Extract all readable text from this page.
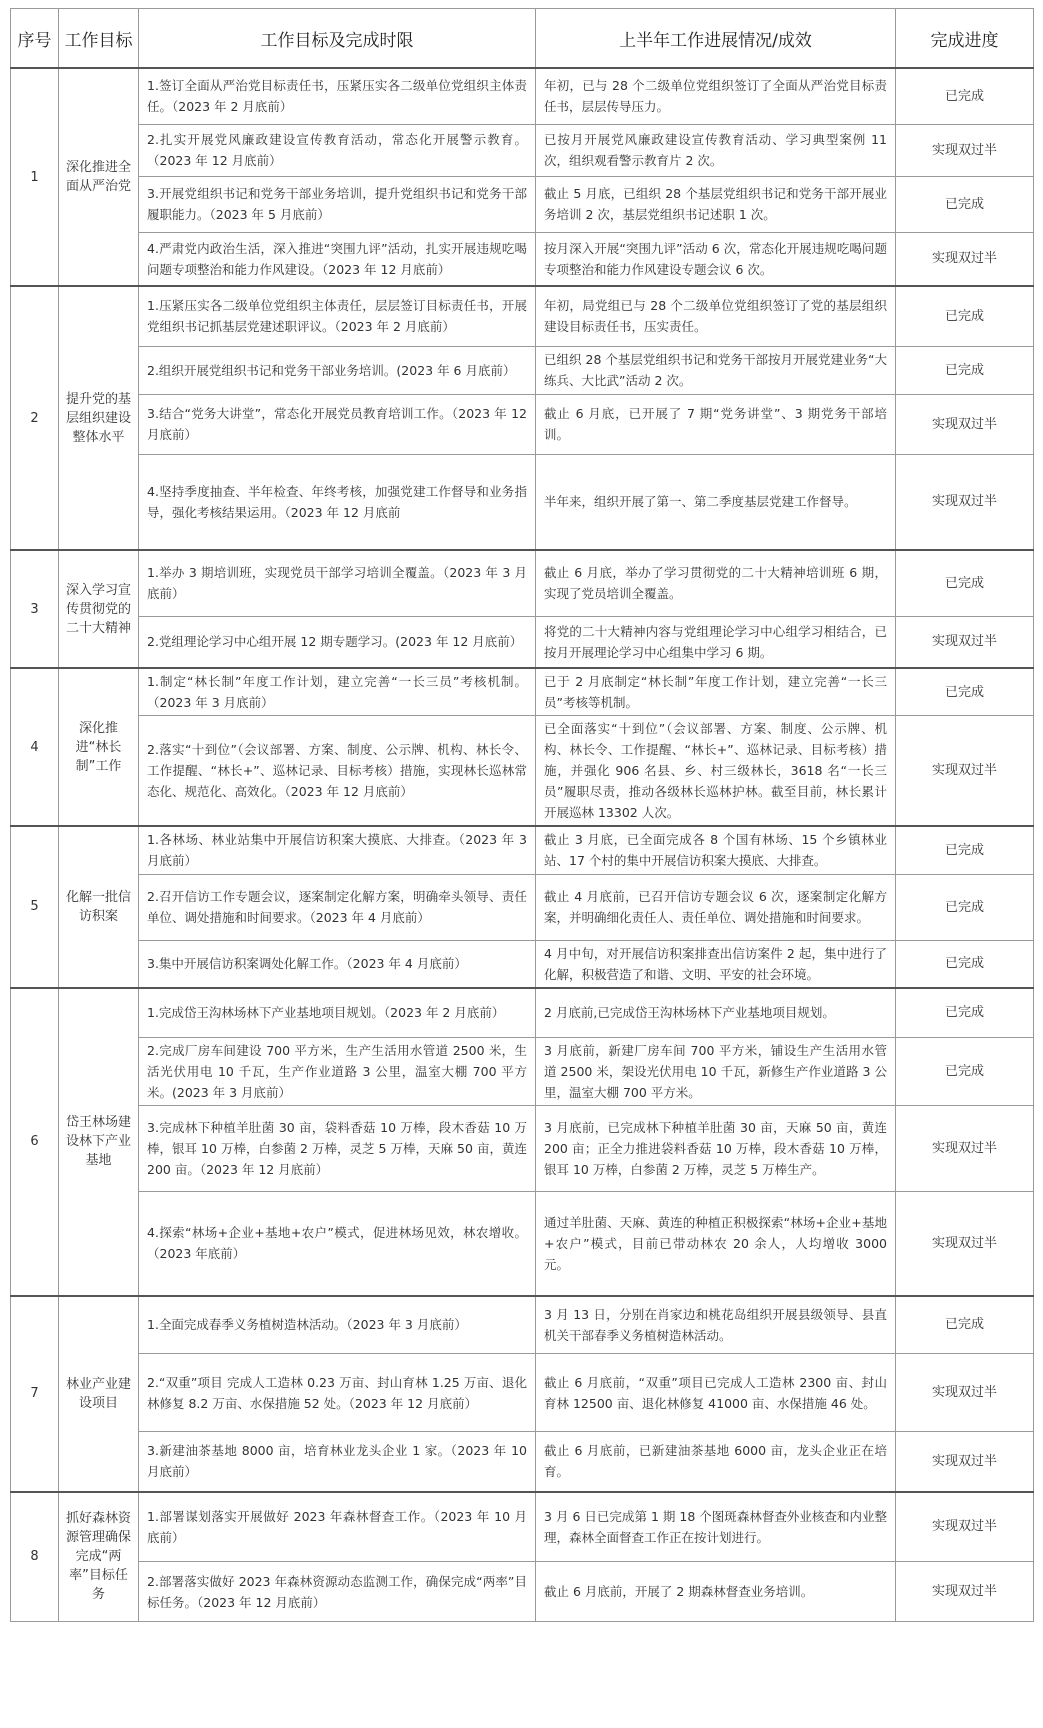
序号	工作目标	工作目标及完成时限	上半年工作进展情况/成效	完成进度
1	深化推进全面从严治党	1.签订全面从严治党目标责任书，压紧压实各二级单位党组织主体责任。（2023 年 2 月底前）	年初，已与 28 个二级单位党组织签订了全面从严治党目标责任书，层层传导压力。	已完成
		2.扎实开展党风廉政建设宣传教育活动，常态化开展警示教育。（2023 年 12 月底前）	已按月开展党风廉政建设宣传教育活动、学习典型案例 11 次，组织观看警示教育片 2 次。	实现双过半
		3.开展党组织书记和党务干部业务培训，提升党组织书记和党务干部履职能力。（2023 年 5 月底前）	截止 5 月底，已组织 28 个基层党组织书记和党务干部开展业务培训 2 次，基层党组织书记述职 1 次。	已完成
		4.严肃党内政治生活，深入推进“突围九评”活动，扎实开展违规吃喝问题专项整治和能力作风建设。（2023 年 12 月底前）	按月深入开展“突围九评”活动 6 次，常态化开展违规吃喝问题专项整治和能力作风建设专题会议 6 次。	实现双过半
2	提升党的基层组织建设整体水平	1.压紧压实各二级单位党组织主体责任，层层签订目标责任书，开展党组织书记抓基层党建述职评议。（2023 年 2 月底前）	年初，局党组已与 28 个二级单位党组织签订了党的基层组织建设目标责任书，压实责任。	已完成
		2.组织开展党组织书记和党务干部业务培训。(2023 年 6 月底前）	已组织 28 个基层党组织书记和党务干部按月开展党建业务“大练兵、大比武”活动 2 次。	已完成
		3.结合“党务大讲堂”，常态化开展党员教育培训工作。（2023 年 12 月底前）	截止 6 月底，已开展了 7 期“党务讲堂”、3 期党务干部培训。	实现双过半
		4.坚持季度抽查、半年检查、年终考核，加强党建工作督导和业务指导，强化考核结果运用。（2023 年 12 月底前	半年来，组织开展了第一、第二季度基层党建工作督导。	实现双过半
3	深入学习宣传贯彻党的二十大精神	1.举办 3 期培训班，实现党员干部学习培训全覆盖。（2023 年 3 月底前）	截止 6 月底，举办了学习贯彻党的二十大精神培训班 6 期，实现了党员培训全覆盖。	已完成
		2.党组理论学习中心组开展 12 期专题学习。(2023 年 12 月底前）	将党的二十大精神内容与党组理论学习中心组学习相结合，已按月开展理论学习中心组集中学习 6 期。	实现双过半
4	深化推进“林长制”工作	1.制定“林长制”年度工作计划，建立完善“一长三员”考核机制。（2023 年 3 月底前）	已于 2 月底制定“林长制”年度工作计划，建立完善“一长三员”考核等机制。	已完成
		2.落实“十到位”（会议部署、方案、制度、公示牌、机构、林长令、工作提醒、“林长+”、巡林记录、目标考核）措施，实现林长巡林常态化、规范化、高效化。（2023 年 12 月底前）	已全面落实“十到位”（会议部署、方案、制度、公示牌、机构、林长令、工作提醒、“林长+”、巡林记录、目标考核）措施，并强化 906 名县、乡、村三级林长，3618 名“一长三员”履职尽责，推动各级林长巡林护林。截至目前，林长累计开展巡林 13302 人次。	实现双过半
5	化解一批信访积案	1.各林场、林业站集中开展信访积案大摸底、大排查。（2023 年 3 月底前）	截止 3 月底，已全面完成各 8 个国有林场、15 个乡镇林业站、17 个村的集中开展信访积案大摸底、大排查。	已完成
		2.召开信访工作专题会议，逐案制定化解方案，明确牵头领导、责任单位、调处措施和时间要求。（2023 年 4 月底前）	截止 4 月底前，已召开信访专题会议 6 次，逐案制定化解方案，并明确细化责任人、责任单位、调处措施和时间要求。	已完成
		3.集中开展信访积案调处化解工作。（2023 年 4 月底前）	4 月中旬，对开展信访积案排查出信访案件 2 起，集中进行了化解，积极营造了和谐、文明、平安的社会环境。	已完成
6	岱王林场建设林下产业基地	1.完成岱王沟林场林下产业基地项目规划。（2023 年 2 月底前）	2 月底前,已完成岱王沟林场林下产业基地项目规划。	已完成
		2.完成厂房车间建设 700 平方米，生产生活用水管道 2500 米，生活光伏用电 10 千瓦，生产作业道路 3 公里，温室大棚 700 平方米。(2023 年 3 月底前）	3 月底前，新建厂房车间 700 平方米，铺设生产生活用水管道 2500 米，架设光伏用电 10 千瓦，新修生产作业道路 3 公里，温室大棚 700 平方米。	已完成
		3.完成林下种植羊肚菌 30 亩，袋料香菇 10 万棒，段木香菇 10 万棒，银耳 10 万棒，白参菌 2 万棒，灵芝 5 万棒，天麻 50 亩，黄连 200 亩。（2023 年 12 月底前）	3 月底前，已完成林下种植羊肚菌 30 亩，天麻 50 亩，黄连 200 亩；正全力推进袋料香菇 10 万棒，段木香菇 10 万棒，银耳 10 万棒，白参菌 2 万棒，灵芝 5 万棒生产。	实现双过半
		4.探索“林场+企业+基地+农户”模式，促进林场见效，林农增收。（2023 年底前）	通过羊肚菌、天麻、黄连的种植正积极探索“林场+企业+基地+农户”模式，目前已带动林农 20 余人，人均增收 3000 元。	实现双过半
7	林业产业建设项目	1.全面完成春季义务植树造林活动。（2023 年 3 月底前）	3 月 13 日，分别在肖家边和桃花岛组织开展县级领导、县直机关干部春季义务植树造林活动。	已完成
		2.“双重”项目 完成人工造林 0.23 万亩、封山育林 1.25 万亩、退化林修复 8.2 万亩、水保措施 52 处。（2023 年 12 月底前）	截止 6 月底前，“双重”项目已完成人工造林 2300 亩、封山育林 12500 亩、退化林修复 41000 亩、水保措施 46 处。	实现双过半
		3.新建油茶基地 8000 亩，培育林业龙头企业 1 家。（2023 年 10 月底前）	截止 6 月底前，已新建油茶基地 6000 亩，龙头企业正在培育。	实现双过半
8	抓好森林资源管理确保完成“两率”目标任务	1.部署谋划落实开展做好 2023 年森林督查工作。（2023 年 10 月底前）	3 月 6 日已完成第 1 期 18 个图斑森林督查外业核查和内业整理，森林全面督查工作正在按计划进行。	实现双过半
		2.部署落实做好 2023 年森林资源动态监测工作，确保完成“两率”目标任务。（2023 年 12 月底前）	截止 6 月底前，开展了 2 期森林督查业务培训。	实现双过半
